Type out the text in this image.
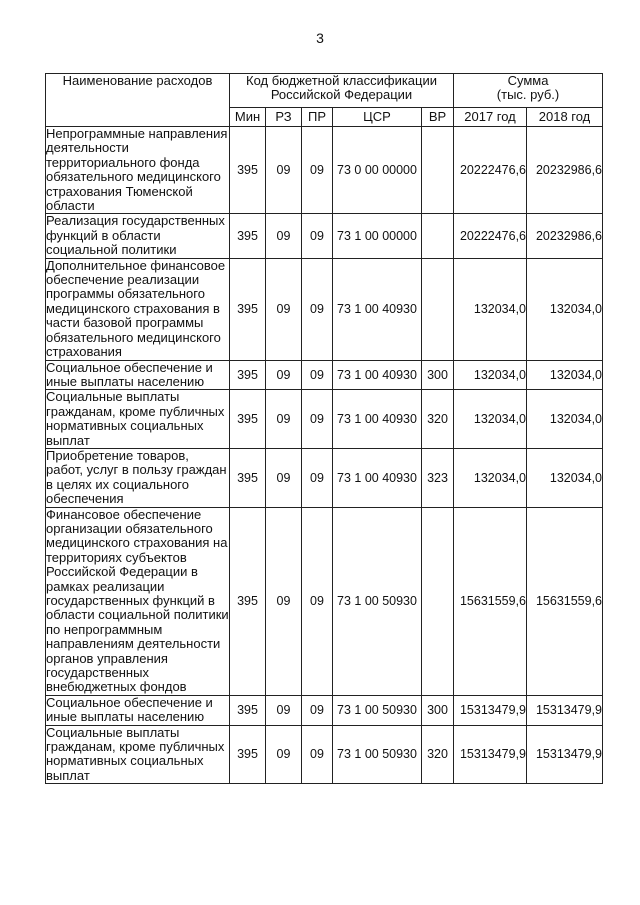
3
Наименование расходов	Код бюджетной классификации Российской Федерации					Сумма
(тыс. руб.)	
	Мин	РЗ	ПР	ЦСР	ВР	2017 год	2018 год
Непрограммные направления деятельности территориального фонда обязательного медицинского страхования Тюменской области	395	09	09	73 0 00 00000		20222476,6	20232986,6
Реализация государственных функций в области социальной политики	395	09	09	73 1 00 00000		20222476,6	20232986,6
Дополнительное финансовое обеспечение реализации программы обязательного медицинского страхования в части базовой программы обязательного медицинского страхования	395	09	09	73 1 00 40930		132034,0	132034,0
Социальное обеспечение и иные выплаты населению	395	09	09	73 1 00 40930	300	132034,0	132034,0
Социальные выплаты гражданам, кроме публичных нормативных социальных выплат	395	09	09	73 1 00 40930	320	132034,0	132034,0
Приобретение товаров, работ, услуг в пользу граждан в целях их социального обеспечения	395	09	09	73 1 00 40930	323	132034,0	132034,0
Финансовое обеспечение организации обязательного медицинского страхования на территориях субъектов Российской Федерации в рамках реализации государственных функций в области социальной политики по непрограммным направлениям деятельности органов управления государственных внебюджетных фондов	395	09	09	73 1 00 50930		15631559,6	15631559,6
Социальное обеспечение и иные выплаты населению	395	09	09	73 1 00 50930	300	15313479,9	15313479,9
Социальные выплаты гражданам, кроме публичных нормативных социальных выплат	395	09	09	73 1 00 50930	320	15313479,9	15313479,9
